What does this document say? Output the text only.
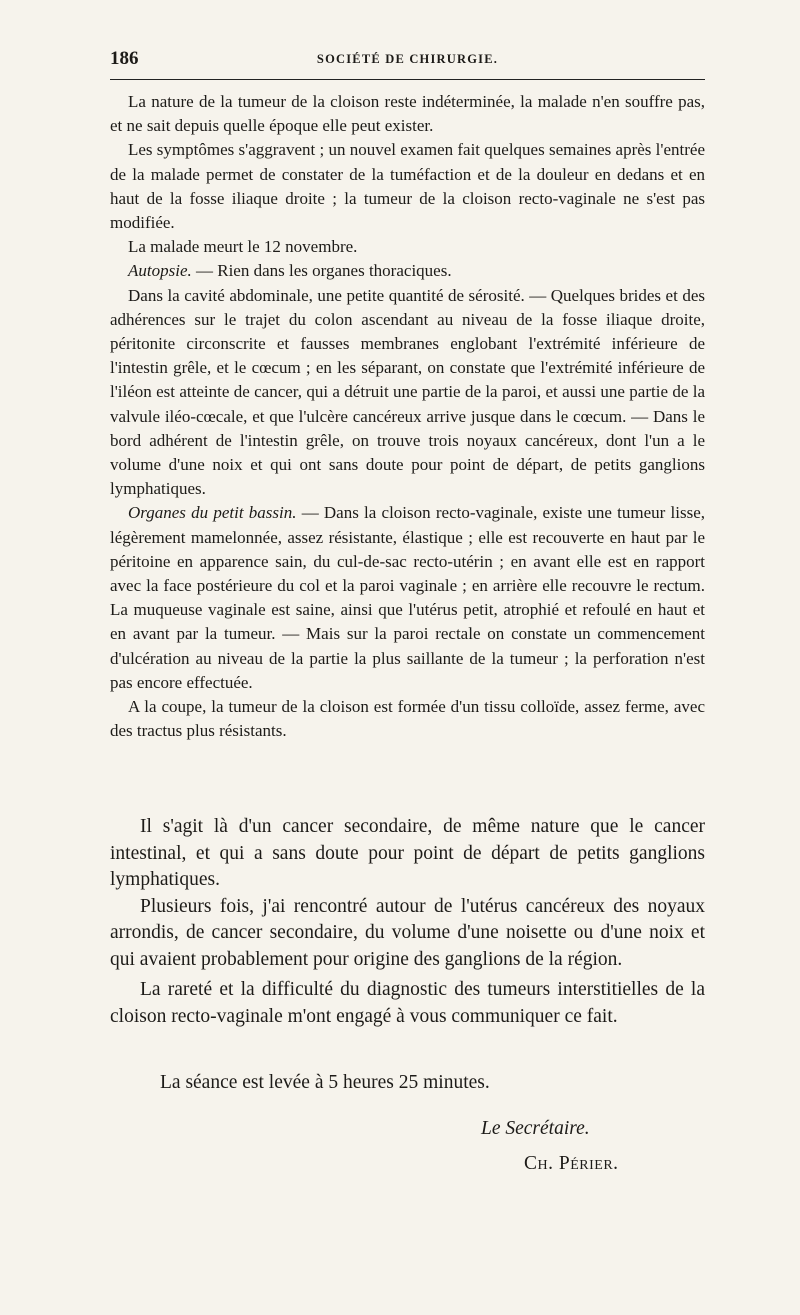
186	SOCIÉTÉ DE CHIRURGIE.

La nature de la tumeur de la cloison reste indéterminée, la malade n'en souffre pas, et ne sait depuis quelle époque elle peut exister.

Les symptômes s'aggravent ; un nouvel examen fait quelques semaines après l'entrée de la malade permet de constater de la tuméfaction et de la douleur en dedans et en haut de la fosse iliaque droite ; la tumeur de la cloison recto-vaginale ne s'est pas modifiée.

La malade meurt le 12 novembre.

Autopsie. — Rien dans les organes thoraciques.

Dans la cavité abdominale, une petite quantité de sérosité. — Quelques brides et des adhérences sur le trajet du colon ascendant au niveau de la fosse iliaque droite, péritonite circonscrite et fausses membranes englobant l'extrémité inférieure de l'intestin grêle, et le cœcum ; en les séparant, on constate que l'extrémité inférieure de l'iléon est atteinte de cancer, qui a détruit une partie de la paroi, et aussi une partie de la valvule iléo-cœcale, et que l'ulcère cancéreux arrive jusque dans le cœcum. — Dans le bord adhérent de l'intestin grêle, on trouve trois noyaux cancéreux, dont l'un a le volume d'une noix et qui ont sans doute pour point de départ, de petits ganglions lymphatiques.

Organes du petit bassin. — Dans la cloison recto-vaginale, existe une tumeur lisse, légèrement mamelonnée, assez résistante, élastique ; elle est recouverte en haut par le péritoine en apparence sain, du cul-de-sac recto-utérin ; en avant elle est en rapport avec la face postérieure du col et la paroi vaginale ; en arrière elle recouvre le rectum. La muqueuse vaginale est saine, ainsi que l'utérus petit, atrophié et refoulé en haut et en avant par la tumeur. — Mais sur la paroi rectale on constate un commencement d'ulcération au niveau de la partie la plus saillante de la tumeur ; la perforation n'est pas encore effectuée.

A la coupe, la tumeur de la cloison est formée d'un tissu colloïde, assez ferme, avec des tractus plus résistants.

Il s'agit là d'un cancer secondaire, de même nature que le cancer intestinal, et qui a sans doute pour point de départ de petits ganglions lymphatiques.

Plusieurs fois, j'ai rencontré autour de l'utérus cancéreux des noyaux arrondis, de cancer secondaire, du volume d'une noisette ou d'une noix et qui avaient probablement pour origine des ganglions de la région.

La rareté et la difficulté du diagnostic des tumeurs interstitielles de la cloison recto-vaginale m'ont engagé à vous communiquer ce fait.

La séance est levée à 5 heures 25 minutes.
Le Secrétaire.
Ch. Périer.
